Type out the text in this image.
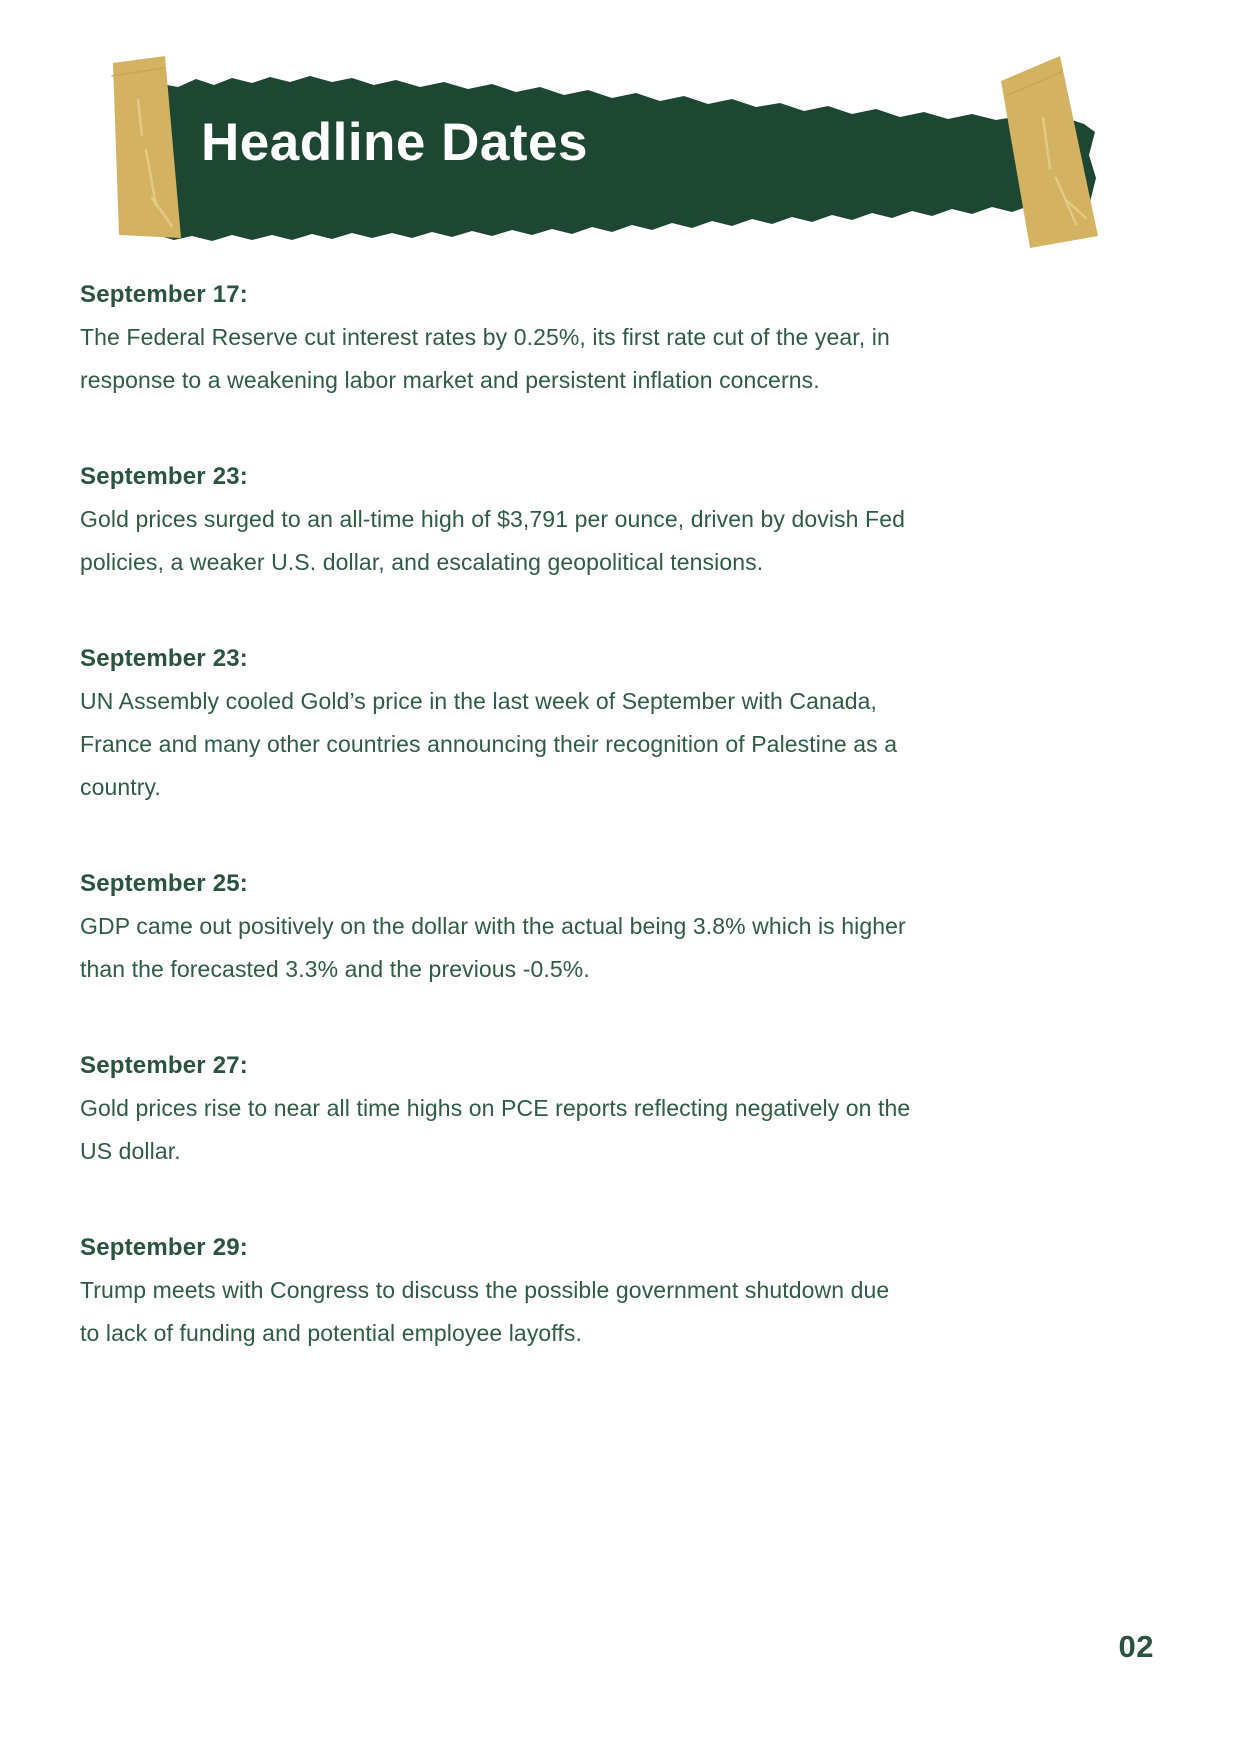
Headline Dates
September 17:

The Federal Reserve cut interest rates by 0.25%, its first rate cut of the year, in
response to a weakening labor market and persistent inflation concerns.

September 23:

Gold prices surged to an all-time high of $3,791 per ounce, driven by dovish Fed
policies, a weaker U.S. dollar, and escalating geopolitical tensions.

September 23:

UN Assembly cooled Gold’s price in the last week of September with Canada,
France and many other countries announcing their recognition of Palestine as a
country.

September 25:

GDP came out positively on the dollar with the actual being 3.8% which is higher
than the forecasted 3.3% and the previous -0.5%.

September 27:

Gold prices rise to near all time highs on PCE reports reflecting negatively on the
US dollar.

September 29:

Trump meets with Congress to discuss the possible government shutdown due
to lack of funding and potential employee layoffs.

02
